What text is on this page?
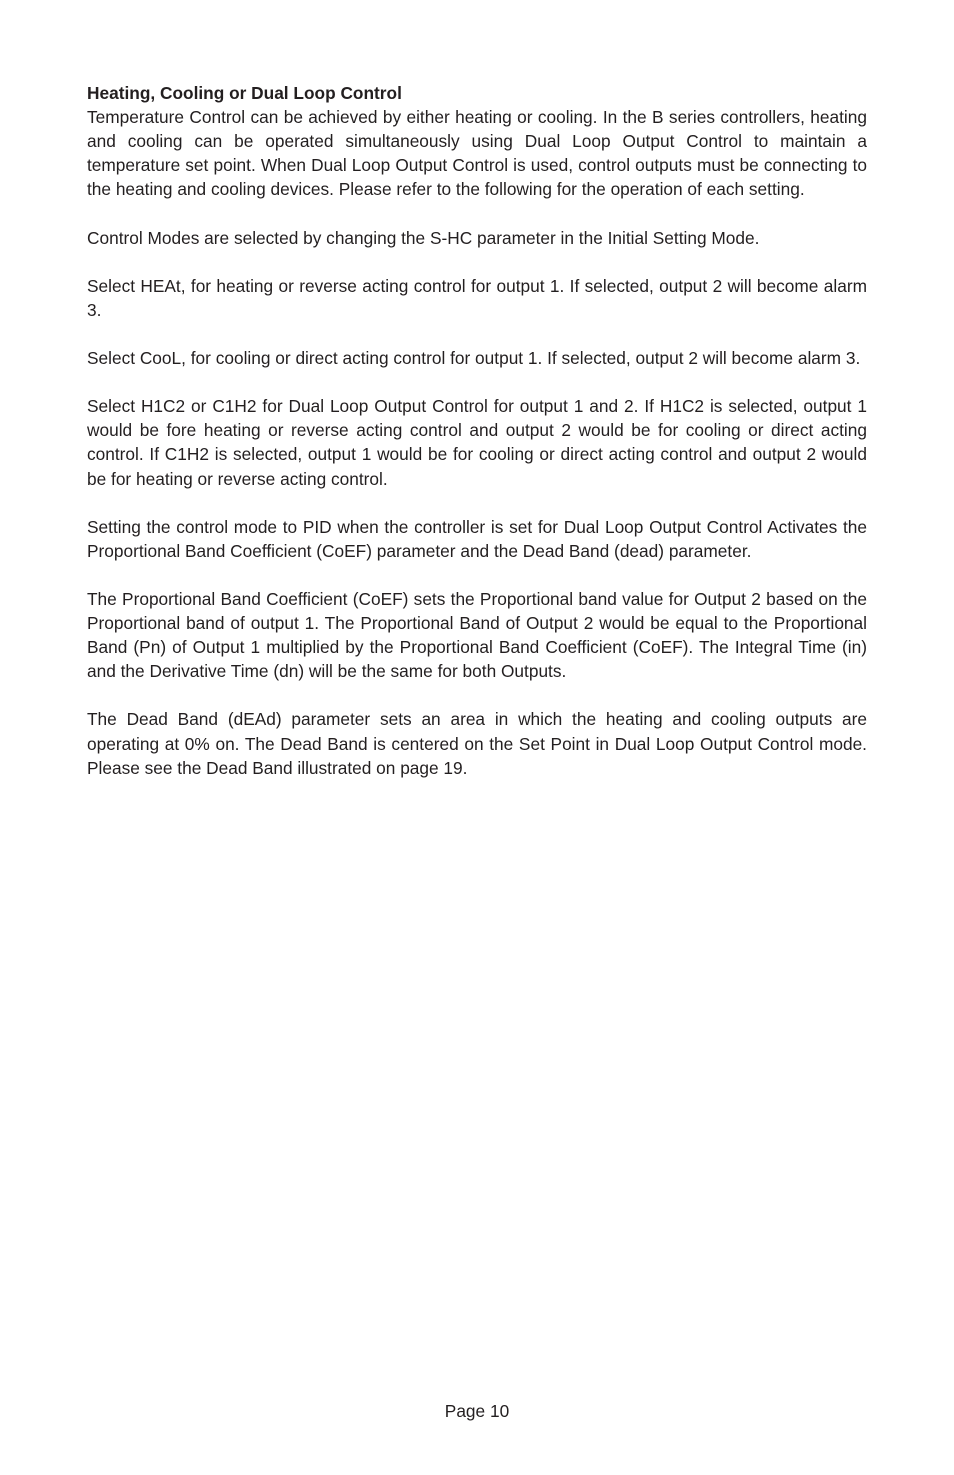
Heating, Cooling or Dual Loop Control

Temperature Control can be achieved by either heating or cooling. In the B series controllers, heating and cooling can be operated simultaneously using Dual Loop Output Control to maintain a temperature set point. When Dual Loop Output Control is used, control outputs must be connecting to the heating and cooling devices. Please refer to the following for the operation of each setting.

Control Modes are selected by changing the S-HC parameter in the Initial Setting Mode.

Select HEAt, for heating or reverse acting control for output 1. If selected, output 2 will become alarm 3.

Select CooL, for cooling or direct acting control for output 1. If selected, output 2 will become alarm 3.

Select H1C2 or C1H2 for Dual Loop Output Control for output 1 and 2. If H1C2 is selected, output 1 would be fore heating or reverse acting control and output 2 would be for cooling or direct acting control. If C1H2 is selected, output 1 would be for cooling or direct acting control and output 2 would be for heating or reverse acting control.

Setting the control mode to PID when the controller is set for Dual Loop Output Control Activates the Proportional Band Coefficient (CoEF) parameter and the Dead Band (dead) parameter.

The Proportional Band Coefficient (CoEF) sets the Proportional band value for Output 2 based on the Proportional band of output 1. The Proportional Band of Output 2 would be equal to the Proportional Band (Pn) of Output 1 multiplied by the Proportional Band Coefficient (CoEF). The Integral Time (in) and the Derivative Time (dn) will be the same for both Outputs.

The Dead Band (dEAd) parameter sets an area in which the heating and cooling outputs are operating at 0% on. The Dead Band is centered on the Set Point in Dual Loop Output Control mode. Please see the Dead Band illustrated on page 19.

Page 10
